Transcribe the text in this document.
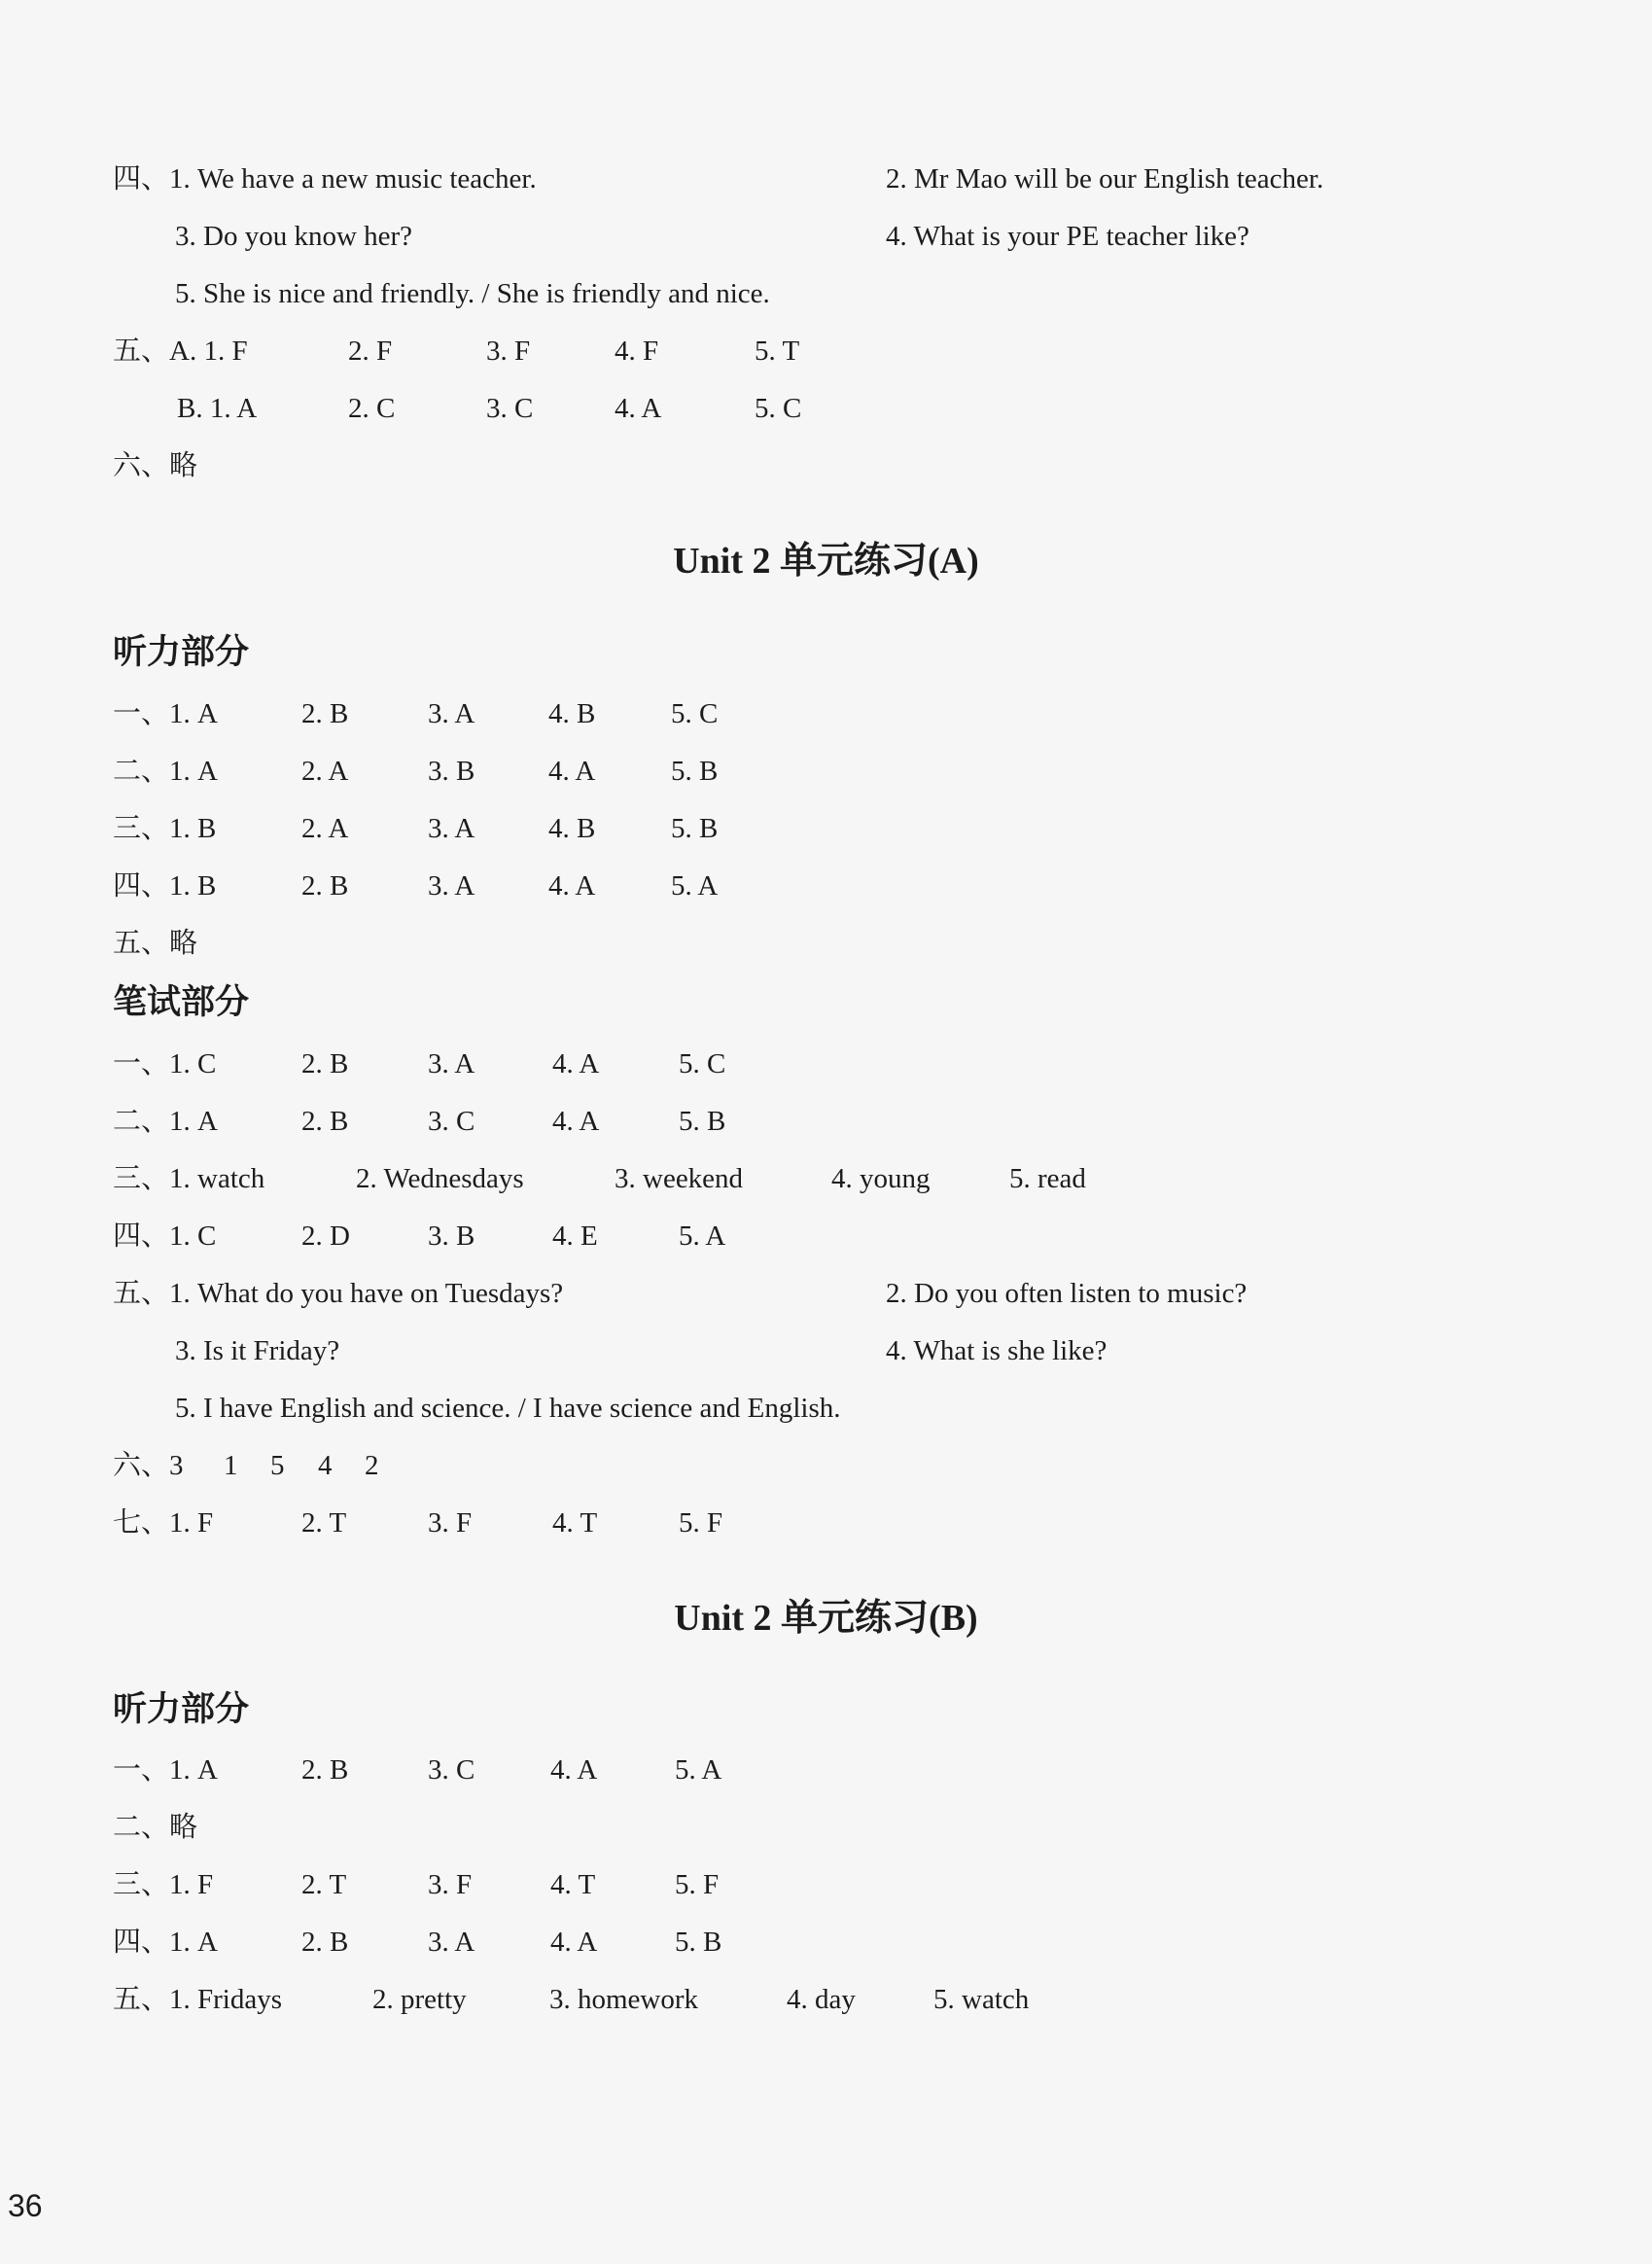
四、1. We have a new music teacher.	2. Mr Mao will be our English teacher.
3. Do you know her?	4. What is your PE teacher like?
5. She is nice and friendly. / She is friendly and nice.
五、A. 1. F	2. F	3. F	4. F	5. T
B. 1. A	2. C	3. C	4. A	5. C
六、略
Unit 2 单元练习(A)
听力部分
一、1. A	2. B	3. A	4. B	5. C
二、1. A	2. A	3. B	4. A	5. B
三、1. B	2. A	3. A	4. B	5. B
四、1. B	2. B	3. A	4. A	5. A
五、略
笔试部分
一、1. C	2. B	3. A	4. A	5. C
二、1. A	2. B	3. C	4. A	5. B
三、1. watch	2. Wednesdays	3. weekend	4. young	5. read
四、1. C	2. D	3. B	4. E	5. A
五、1. What do you have on Tuesdays?	2. Do you often listen to music?
3. Is it Friday?	4. What is she like?
5. I have English and science. / I have science and English.
六、3 1 5 4 2
七、1. F	2. T	3. F	4. T	5. F
Unit 2 单元练习(B)
听力部分
一、1. A	2. B	3. C	4. A	5. A
二、略
三、1. F	2. T	3. F	4. T	5. F
四、1. A	2. B	3. A	4. A	5. B
五、1. Fridays	2. pretty	3. homework	4. day	5. watch
36
